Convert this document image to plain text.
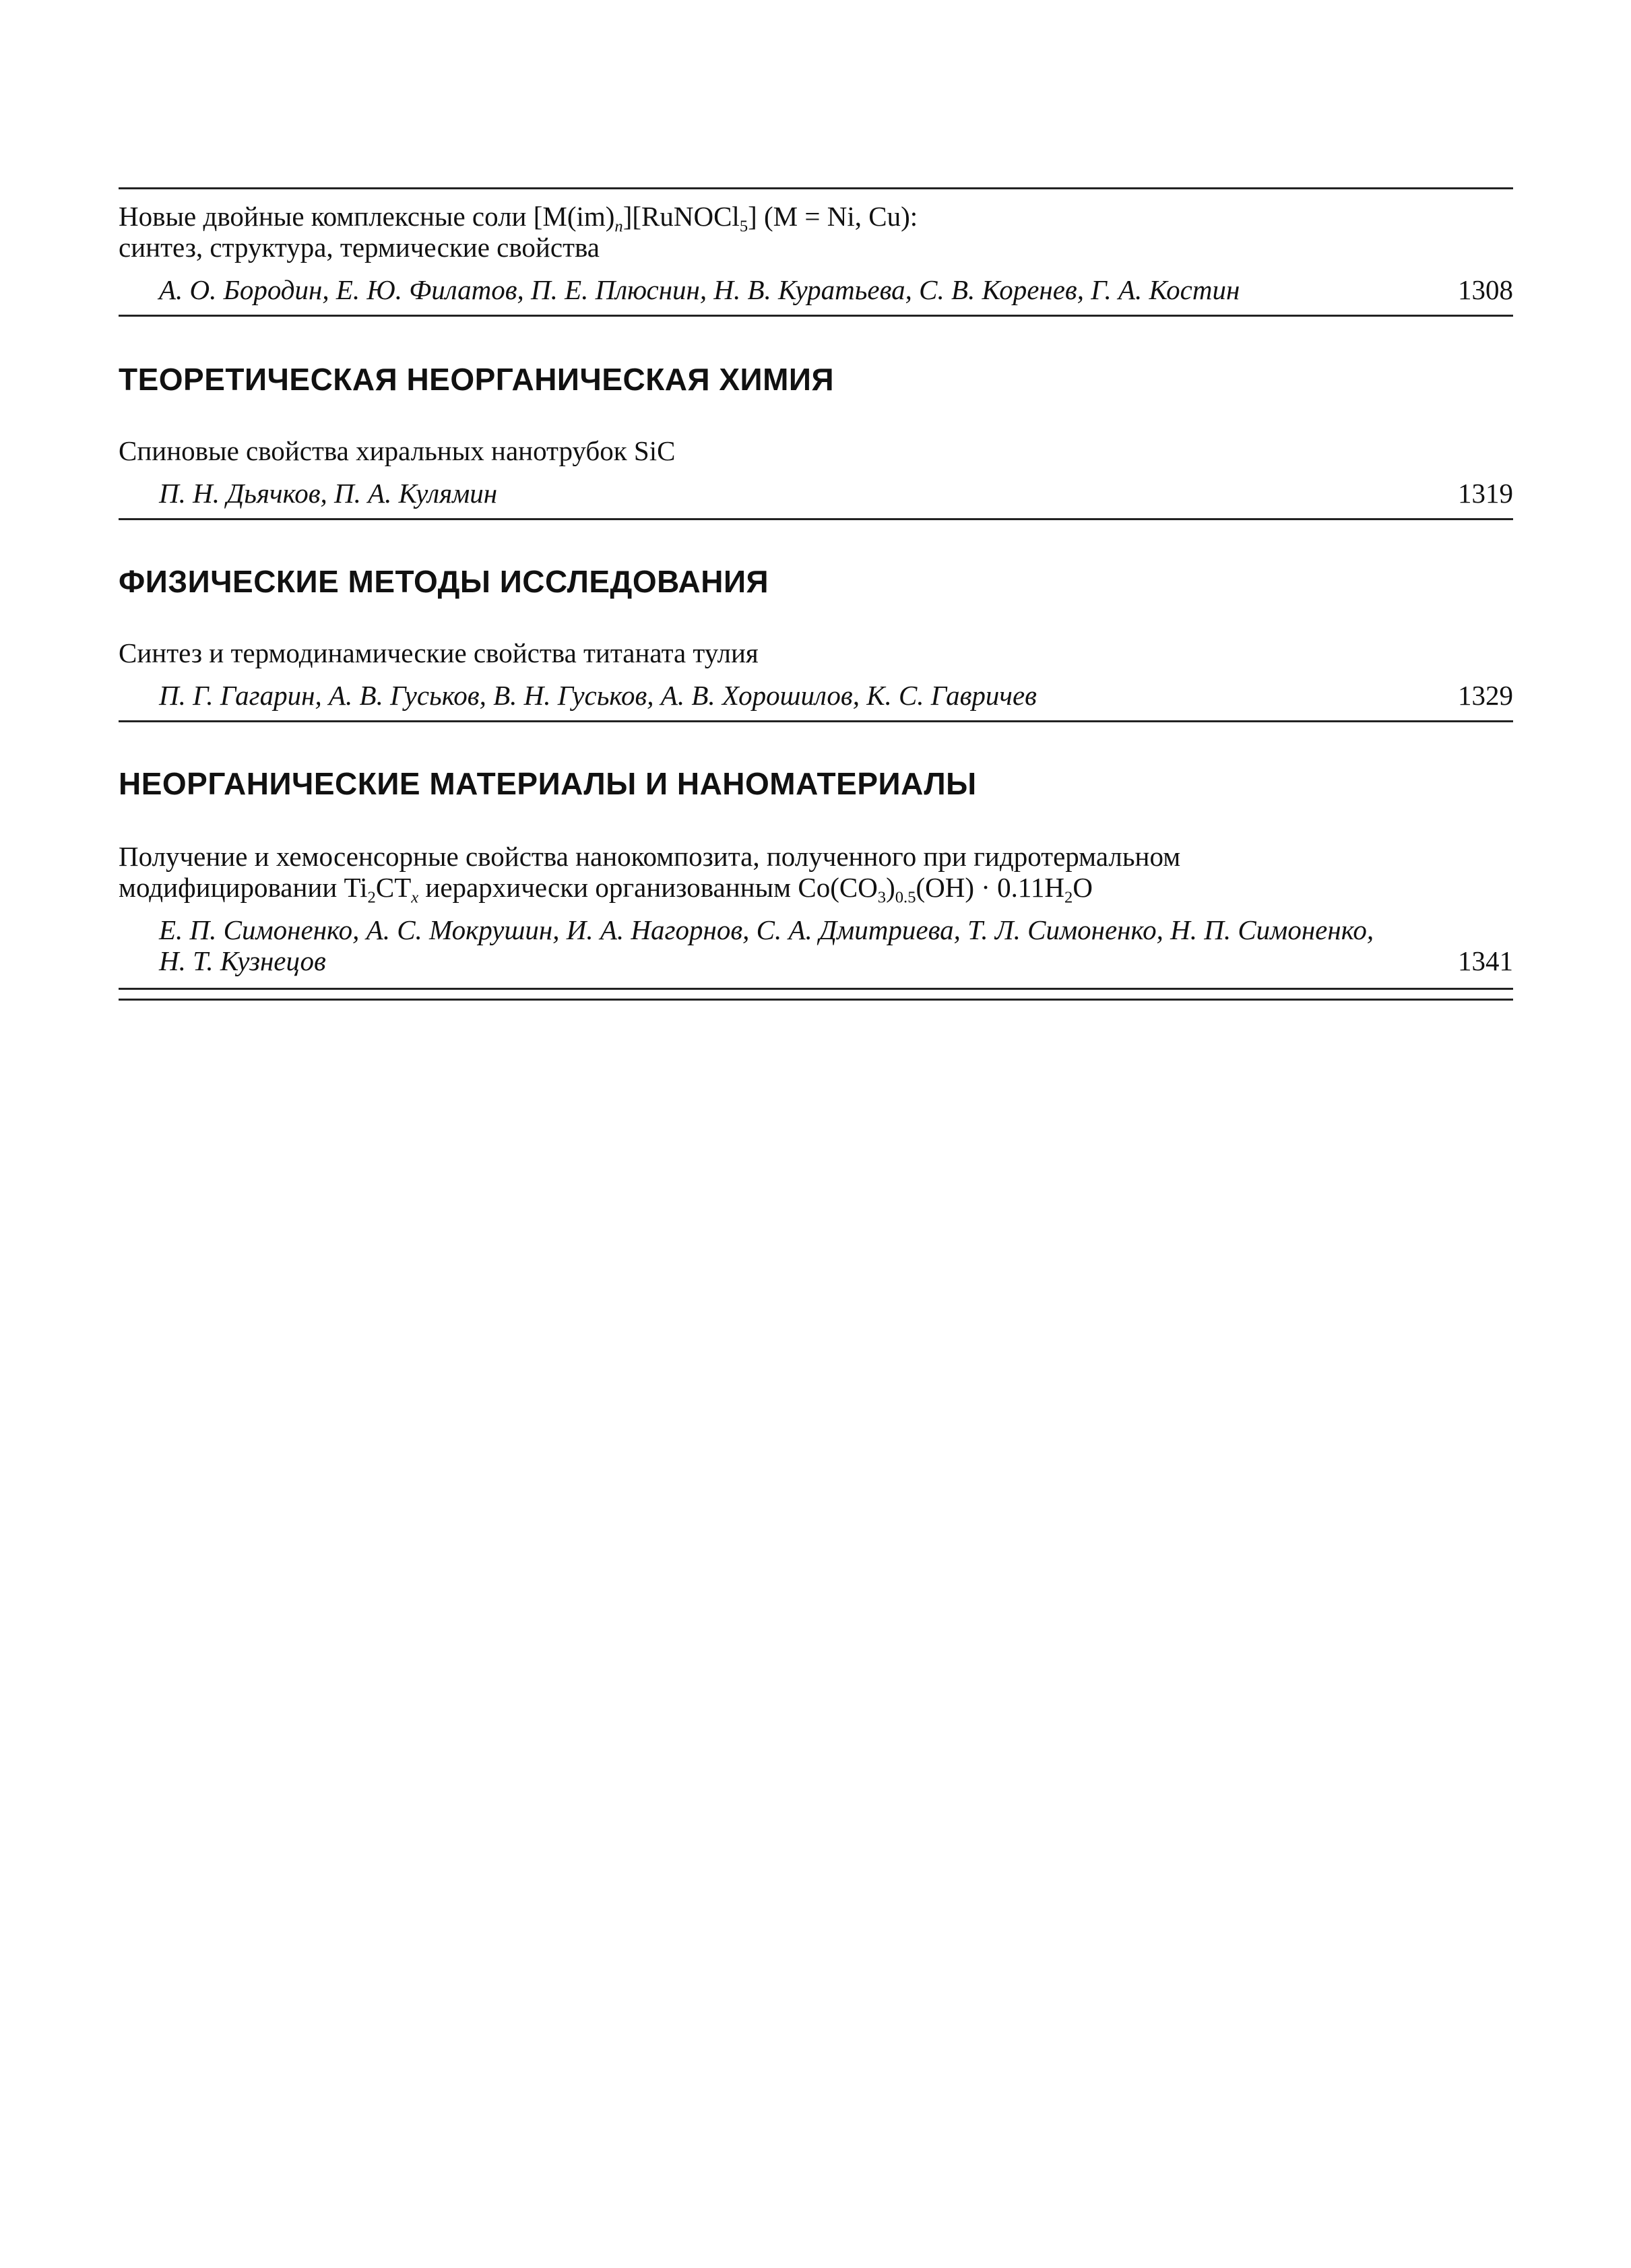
Новые двойные комплексные соли $[M(im)_n][RuNOCl_5] (M = Ni$, Cu):
синтез, структура, термические свойства
А. О. Бородин, Е. Ю. Филатов, П. Е. Плюснин, Н. В. Куратьева, С. В. Коренев, Г. А. Костин	1308
ТЕОРЕТИЧЕСКАЯ НЕОРГАНИЧЕСКАЯ ХИМИЯ
Спиновые свойства хиральных нанотрубок SiC
П. Н. Дьячков, П. А. Кулямин	1319
ФИЗИЧЕСКИЕ МЕТОДЫ ИССЛЕДОВАНИЯ
Синтез и термодинамические свойства титаната тулия
П. Г. Гагарин, А. В. Гуськов, В. Н. Гуськов, А. В. Хорошилов, К. С. Гавричев	1329
НЕОРГАНИЧЕСКИЕ МАТЕРИАЛЫ И НАНОМАТЕРИАЛЫ
Получение и хемосенсорные свойства нанокомпозита, полученного при гидротермальном
модифицировании $Ti_2CT_x$ иерархически организованным $Co(CO_3)_{0.5}(OH) \cdot 0.11H_2O$
Е. П. Симоненко, А. С. Мокрушин, И. А. Нагорнов, С. А. Дмитриева, Т. Л. Симоненко, Н. П. Симоненко,
Н. Т. Кузнецов	1341
